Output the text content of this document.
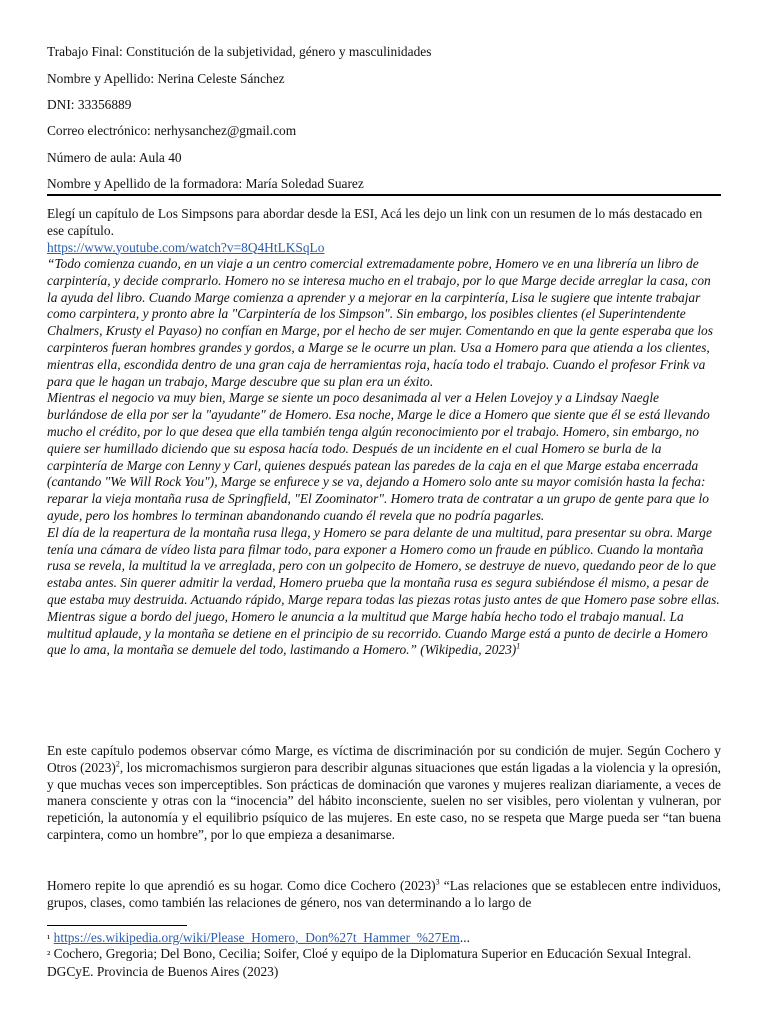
Trabajo Final: Constitución de la subjetividad, género y masculinidades
Nombre y Apellido: Nerina Celeste Sánchez
DNI: 33356889
Correo electrónico: nerhysanchez@gmail.com
Número de aula: Aula 40
Nombre y Apellido de la formadora: María Soledad Suarez
Elegí un capítulo de Los Simpsons para abordar desde la ESI, Acá les dejo un link con un resumen de lo más destacado en ese capítulo.
https://www.youtube.com/watch?v=8Q4HtLKSqLo

“Todo comienza cuando, en un viaje a un centro comercial extremadamente pobre, Homero ve en una librería un libro de carpintería, y decide comprarlo. Homero no se interesa mucho en el trabajo, por lo que Marge decide arreglar la casa, con la ayuda del libro. Cuando Marge comienza a aprender y a mejorar en la carpintería, Lisa le sugiere que intente trabajar como carpintera, y pronto abre la "Carpintería de los Simpson". Sin embargo, los posibles clientes (el Superintendente Chalmers, Krusty el Payaso) no confían en Marge, por el hecho de ser mujer. Comentando en que la gente esperaba que los carpinteros fueran hombres grandes y gordos, a Marge se le ocurre un plan. Usa a Homero para que atienda a los clientes, mientras ella, escondida dentro de una gran caja de herramientas roja, hacía todo el trabajo. Cuando el profesor Frink va para que le hagan un trabajo, Marge descubre que su plan era un éxito.

Mientras el negocio va muy bien, Marge se siente un poco desanimada al ver a Helen Lovejoy y a Lindsay Naegle burlándose de ella por ser la "ayudante" de Homero. Esa noche, Marge le dice a Homero que siente que él se está llevando mucho el crédito, por lo que desea que ella también tenga algún reconocimiento por el trabajo. Homero, sin embargo, no quiere ser humillado diciendo que su esposa hacía todo. Después de un incidente en el cual Homero se burla de la carpintería de Marge con Lenny y Carl, quienes después patean las paredes de la caja en el que Marge estaba encerrada (cantando "We Will Rock You"), Marge se enfurece y se va, dejando a Homero solo ante su mayor comisión hasta la fecha: reparar la vieja montaña rusa de Springfield, "El Zoominator". Homero trata de contratar a un grupo de gente para que lo ayude, pero los hombres lo terminan abandonando cuando él revela que no podría pagarles.

El día de la reapertura de la montaña rusa llega, y Homero se para delante de una multitud, para presentar su obra. Marge tenía una cámara de vídeo lista para filmar todo, para exponer a Homero como un fraude en público. Cuando la montaña rusa se revela, la multitud la ve arreglada, pero con un golpecito de Homero, se destruye de nuevo, quedando peor de lo que estaba antes. Sin querer admitir la verdad, Homero prueba que la montaña rusa es segura subiéndose él mismo, a pesar de que estaba muy destruida. Actuando rápido, Marge repara todas las piezas rotas justo antes de que Homero pase sobre ellas. Mientras sigue a bordo del juego, Homero le anuncia a la multitud que Marge había hecho todo el trabajo manual. La multitud aplaude, y la montaña se detiene en el principio de su recorrido. Cuando Marge está a punto de decirle a Homero que lo ama, la montaña se demuele del todo, lastimando a Homero.” (Wikipedia, 2023)$^1$

En este capítulo podemos observar cómo Marge, es víctima de discriminación por su condición de mujer. Según Cochero y Otros $(2023)^2$, los micromachismos surgieron para describir algunas situaciones que están ligadas a la violencia y la opresión, y que muchas veces son imperceptibles. Son prácticas de dominación que varones y mujeres realizan diariamente, a veces de manera consciente y otras con la “inocencia” del hábito inconsciente, suelen no ser visibles, pero violentan y vulneran, por repetición, la autonomía y el equilibrio psíquico de las mujeres. En este caso, no se respeta que Marge pueda ser “tan buena carpintera, como un hombre”, por lo que empieza a desanimarse.
Homero repite lo que aprendió es su hogar. Como dice Cochero $(2023)^3$ “Las relaciones que se establecen entre individuos, grupos, clases, como también las relaciones de género, nos van determinando a lo largo de
¹ https://es.wikipedia.org/wiki/Please_Homero,_Don%27t_Hammer_%27Em...
² Cochero, Gregoria; Del Bono, Cecilia; Soifer, Cloé y equipo de la Diplomatura Superior en Educación Sexual Integral. DGCyE. Provincia de Buenos Aires (2023)
